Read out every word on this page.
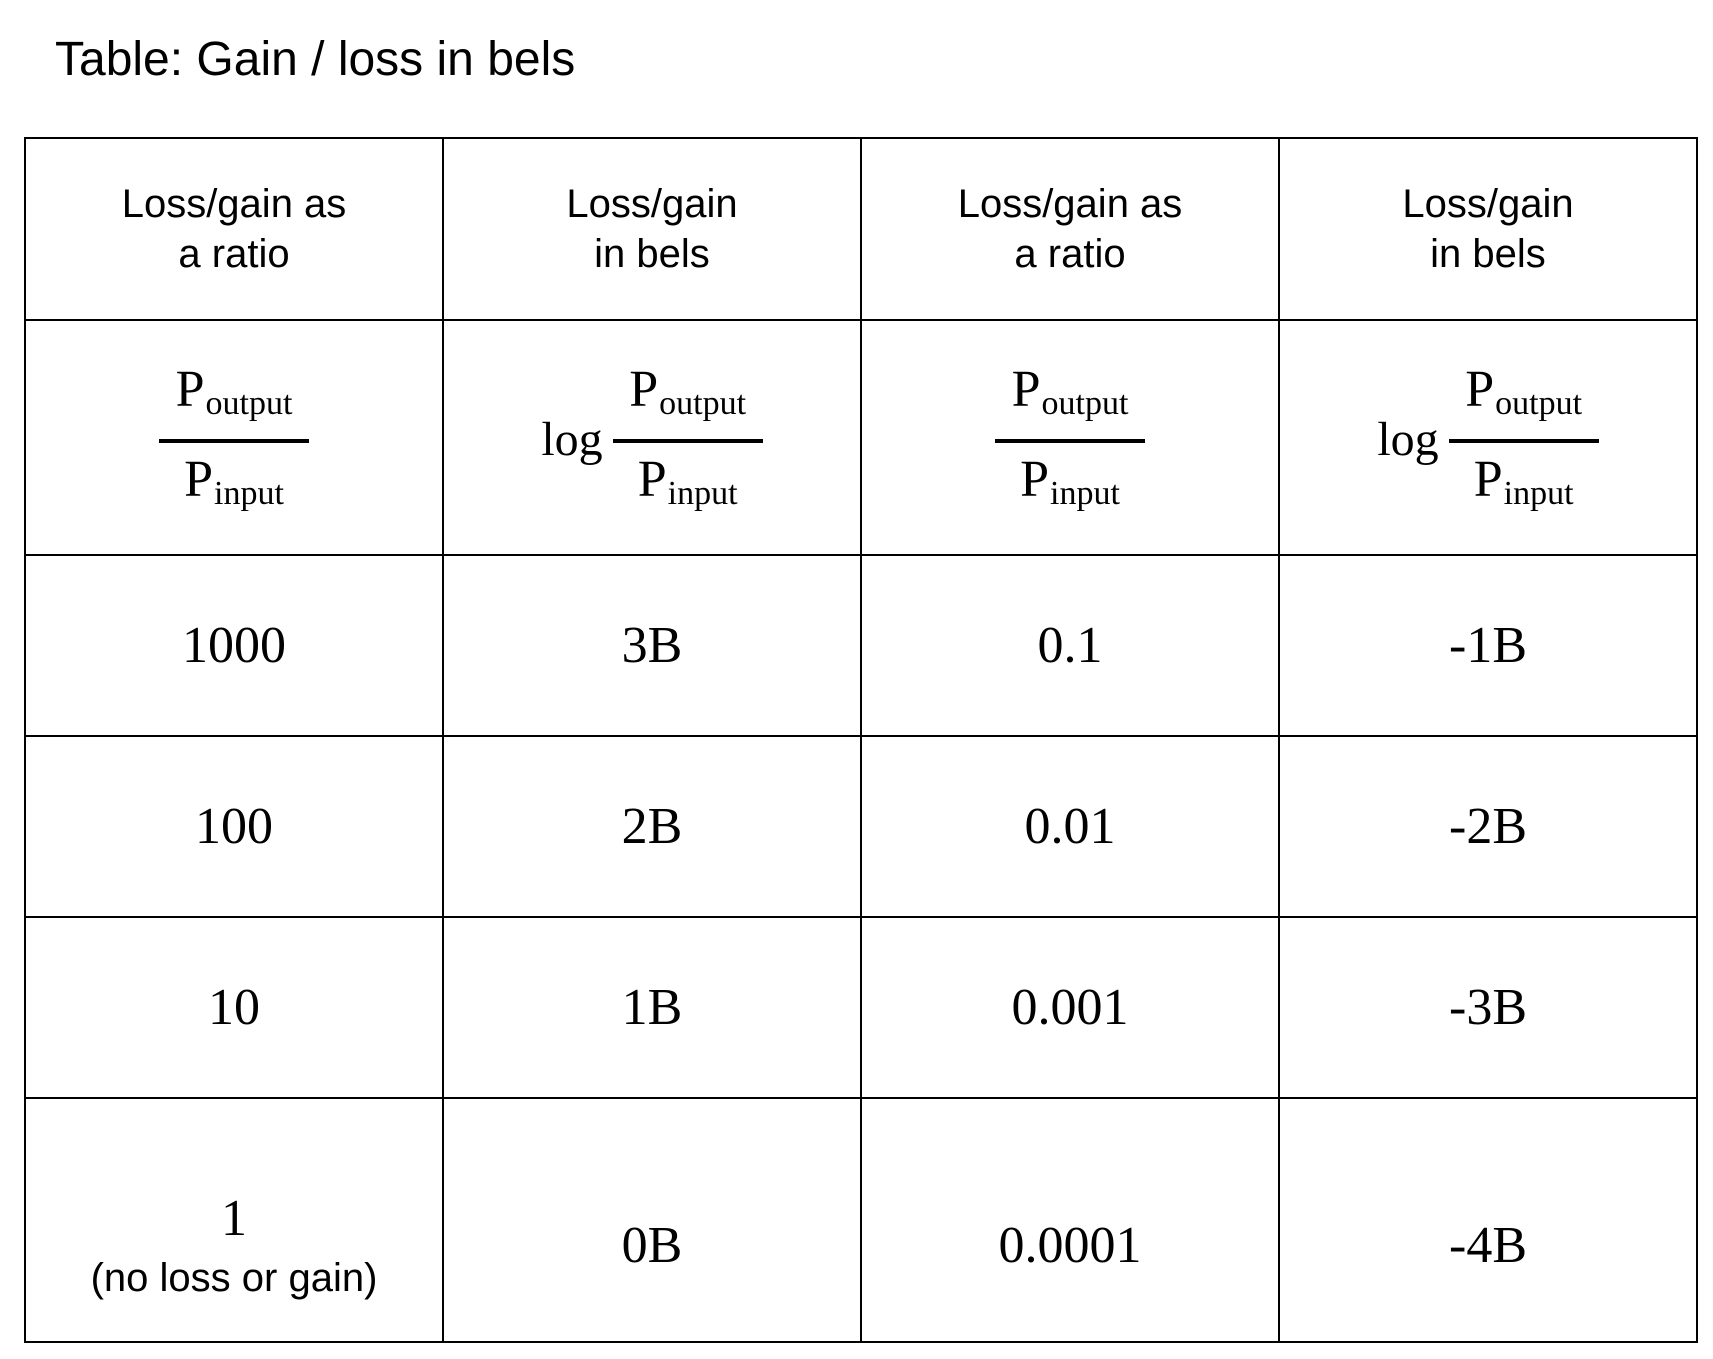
Table: Gain / loss in bels
Loss/gain as
a ratio	Loss/gain
in bels	Loss/gain as
a ratio	Loss/gain
in bels

$\frac{\text{Poutput}}{\text{Pinput}}$	$\log \frac{\text{Poutput}}{\text{Pinput}}$	$\frac{\text{Poutput}}{\text{Pinput}}$	$\log \frac{\text{Poutput}}{\text{Pinput}}$

1000	3B	0.1	-1B
100	2B	0.01	-2B
10	1B	0.001	-3B

1
(no loss or gain)	0B	0.0001	-4B
